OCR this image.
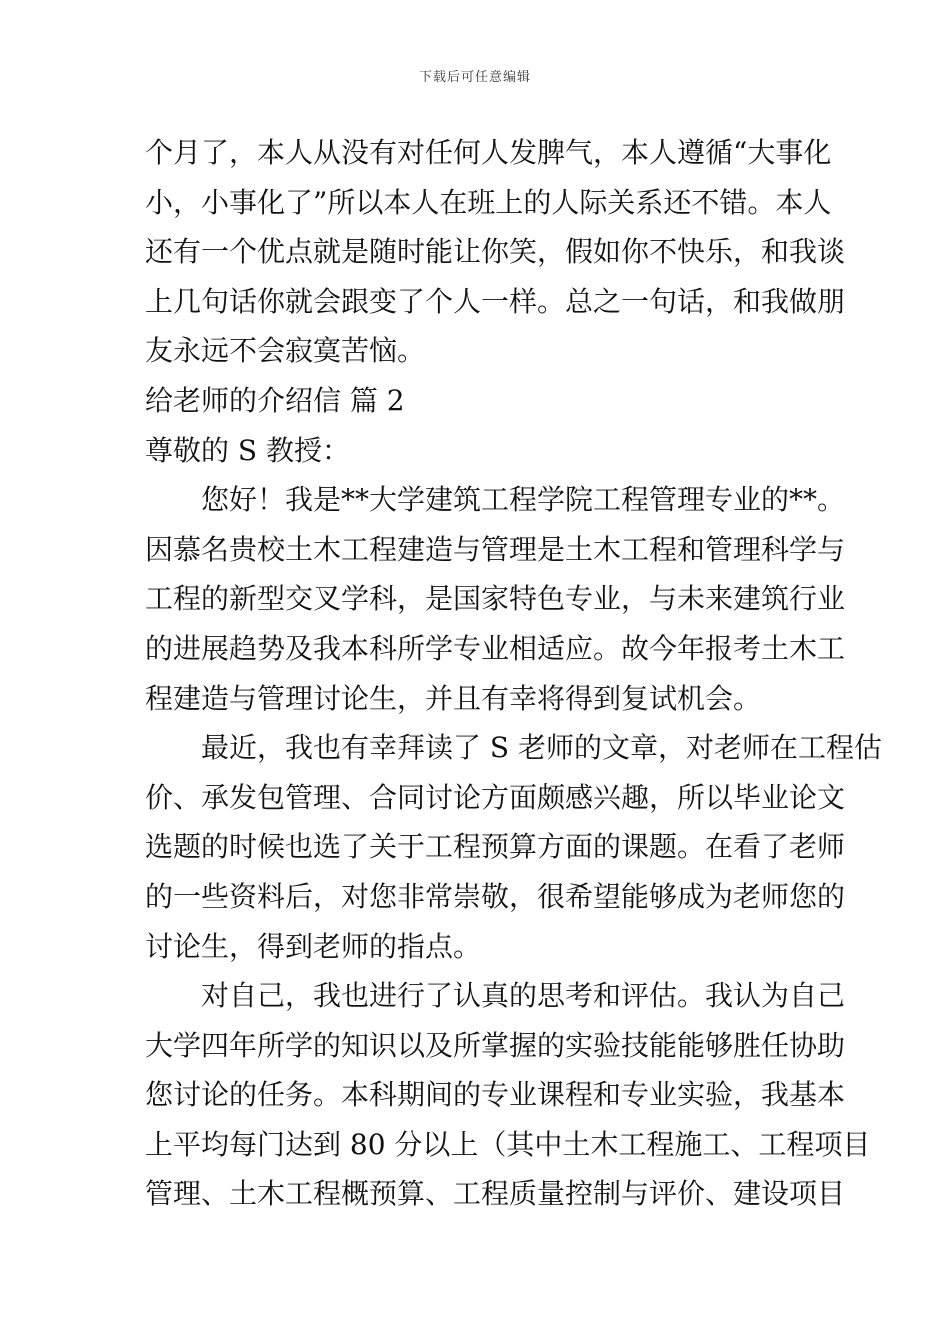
下载后可任意编辑
个月了，本人从没有对任何人发脾气，本人遵循“大事化
小，小事化了”所以本人在班上的人际关系还不错。本人
还有一个优点就是随时能让你笑，假如你不快乐，和我谈
上几句话你就会跟变了个人一样。总之一句话，和我做朋
友永远不会寂寞苦恼。
给老师的介绍信 篇 2
尊敬的 S 教授：
您好！我是**大学建筑工程学院工程管理专业的**。
因慕名贵校土木工程建造与管理是土木工程和管理科学与
工程的新型交叉学科，是国家特色专业，与未来建筑行业
的进展趋势及我本科所学专业相适应。故今年报考土木工
程建造与管理讨论生，并且有幸将得到复试机会。
最近，我也有幸拜读了 S 老师的文章，对老师在工程估
价、承发包管理、合同讨论方面颇感兴趣，所以毕业论文
选题的时候也选了关于工程预算方面的课题。在看了老师
的一些资料后，对您非常崇敬，很希望能够成为老师您的
讨论生，得到老师的指点。
对自己，我也进行了认真的思考和评估。我认为自己
大学四年所学的知识以及所掌握的实验技能能够胜任协助
您讨论的任务。本科期间的专业课程和专业实验，我基本
上平均每门达到 80 分以上（其中土木工程施工、工程项目
管理、土木工程概预算、工程质量控制与评价、建设项目
